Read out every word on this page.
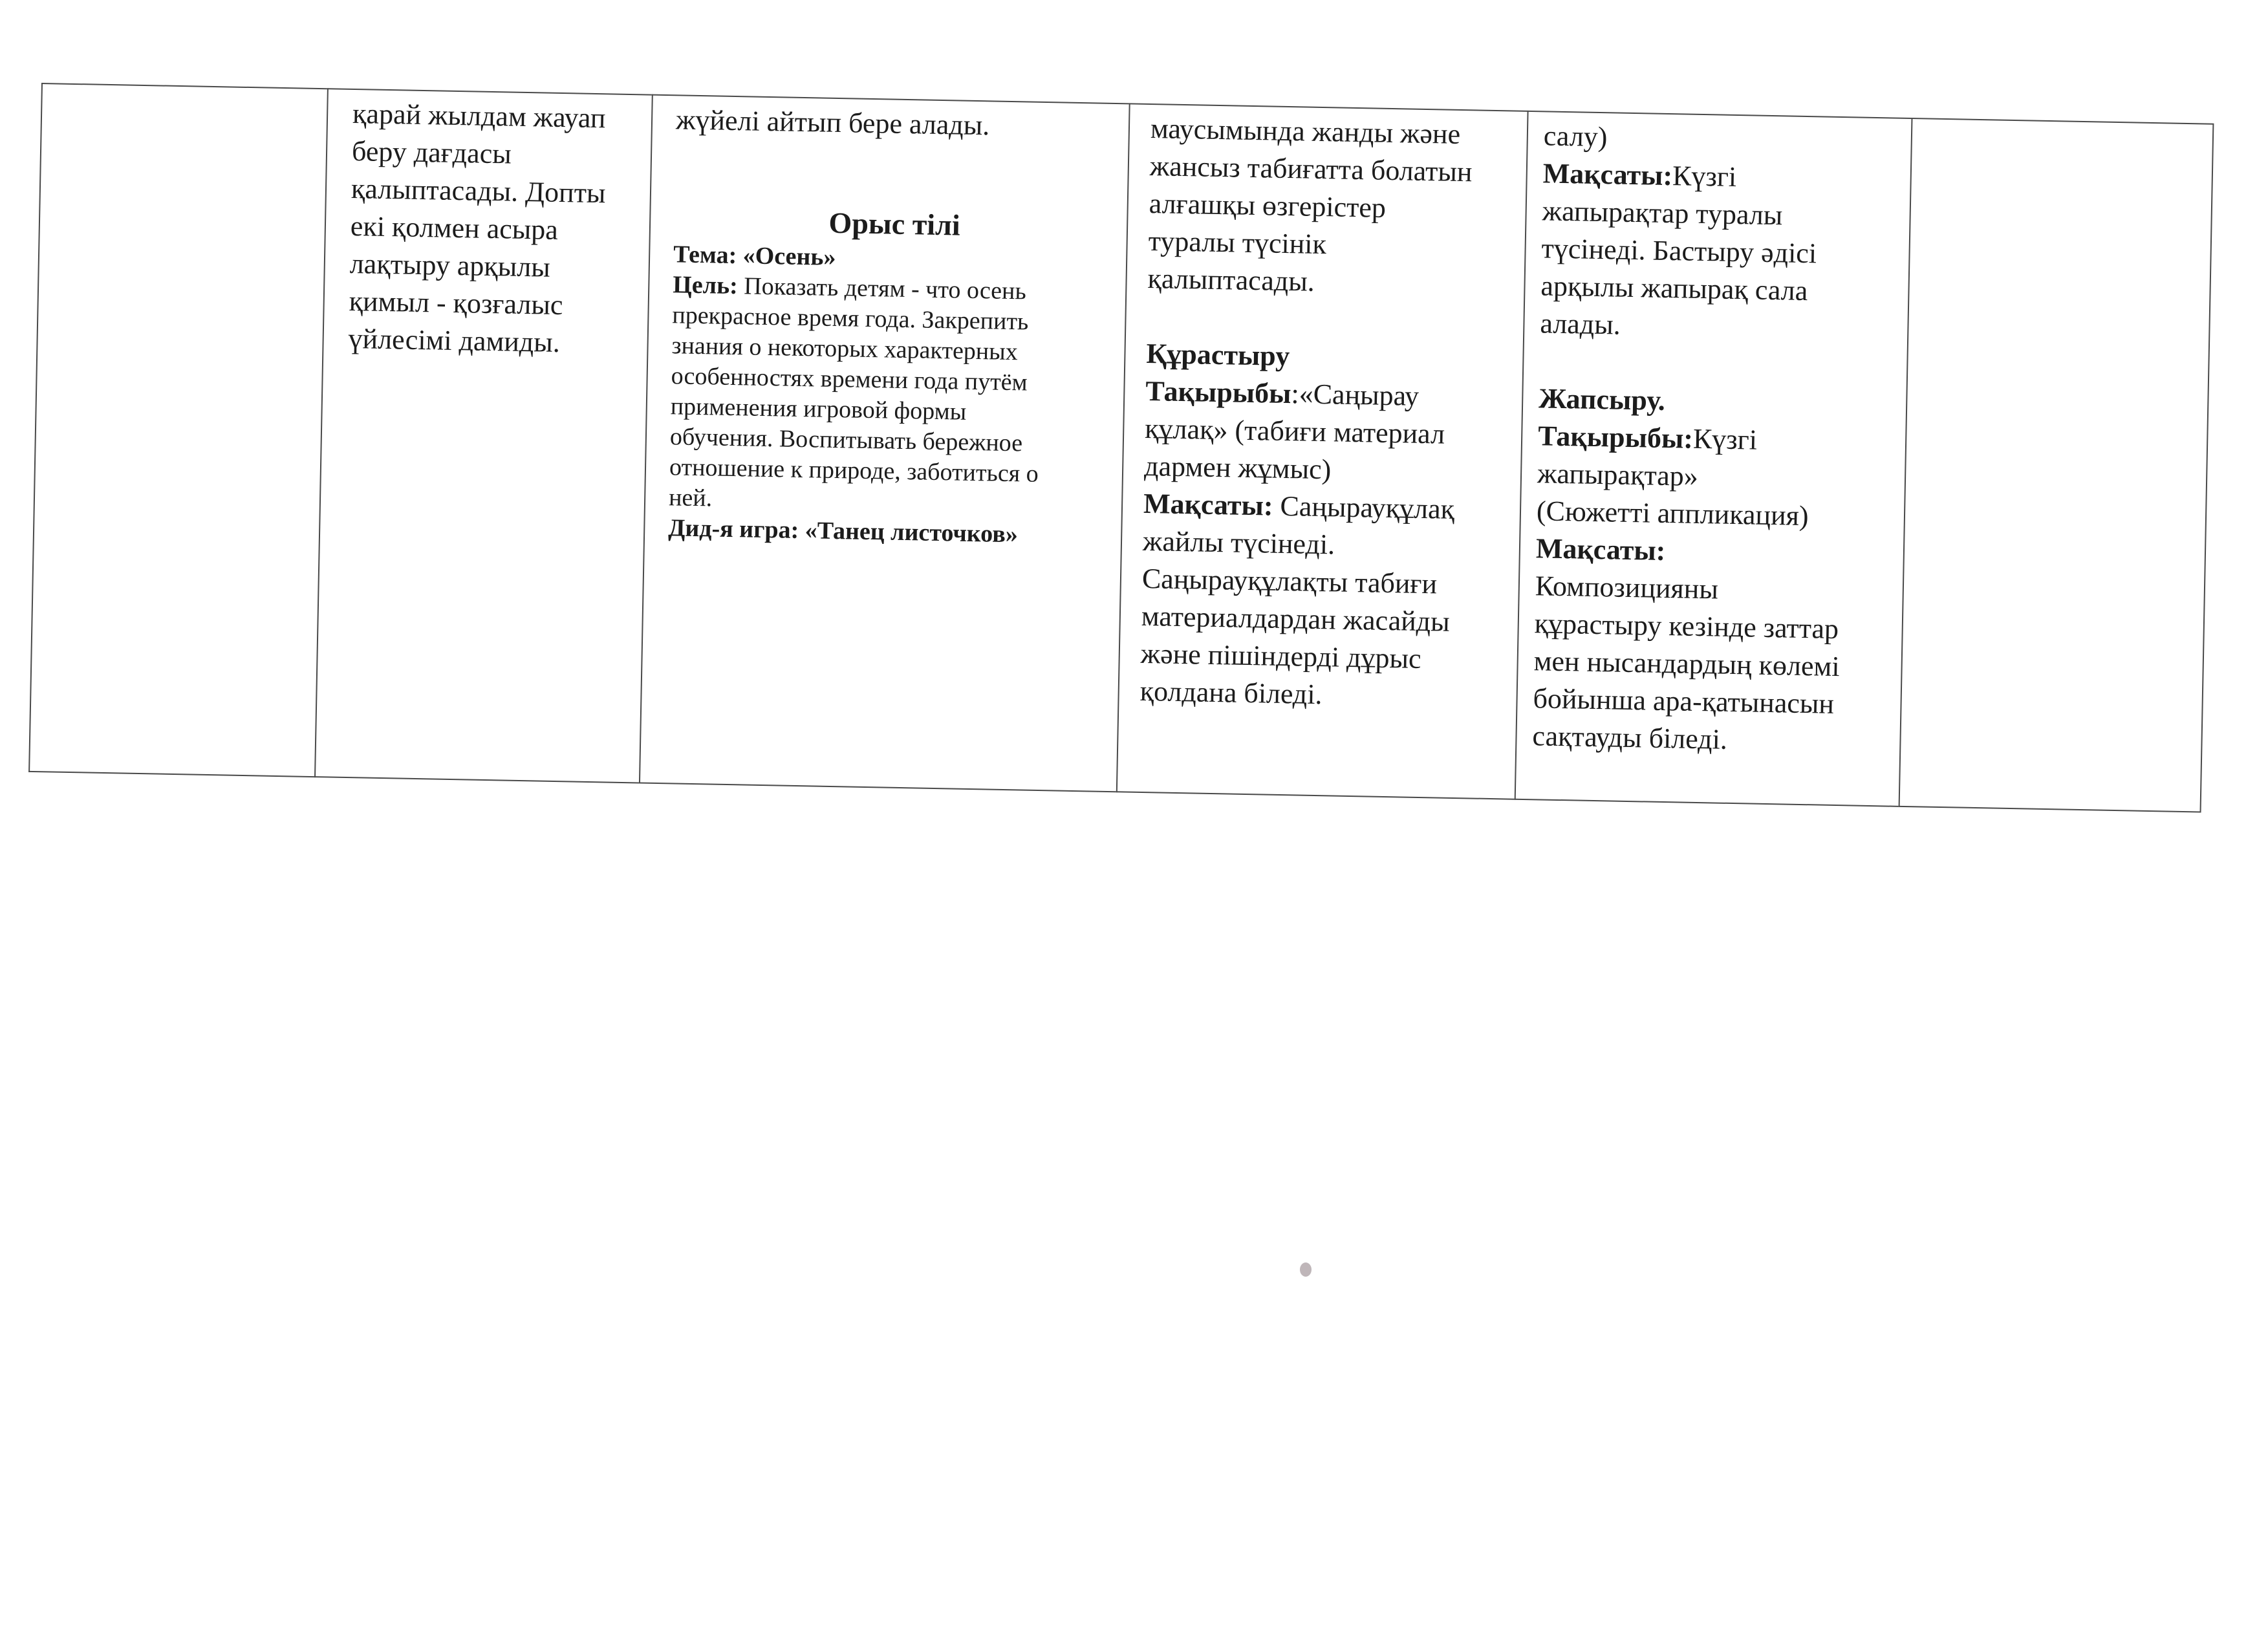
қарай жылдам жауап
беру дағдасы
қалыптасады. Допты
екі қолмен асыра
лақтыру арқылы
қимыл - қозғалыс
үйлесімі дамиды.
жүйелі айтып бере алады.
Орыс тілі
Тема: «Осень»
Цель: Показать детям - что осень
прекрасное время года. Закрепить
знания о некоторых характерных
особенностях времени года путём
применения игровой формы
обучения. Воспитывать бережное
отношение к природе, заботиться о
ней.
Дид-я игра: «Танец листочков»
маусымында жанды және
жансыз табиғатта болатын
алғашқы өзгерістер
туралы түсінік
қалыптасады.
Құрастыру
Тақырыбы:«Саңырау
құлақ» (табиғи материал
дармен жұмыс)
Мақсаты: Саңырауқұлақ
жайлы түсінеді.
Саңырауқұлақты табиғи
материалдардан жасайды
және пішіндерді дұрыс
қолдана біледі.
салу)
Мақсаты:Күзгі
жапырақтар туралы
түсінеді. Бастыру әдісі
арқылы жапырақ сала
алады.
Жапсыру.
Тақырыбы:Күзгі
жапырақтар»
(Сюжетті аппликация)
Мақсаты:
Композицияны
құрастыру кезінде заттар
мен нысандардың көлемі
бойынша ара-қатынасын
сақтауды біледі.
